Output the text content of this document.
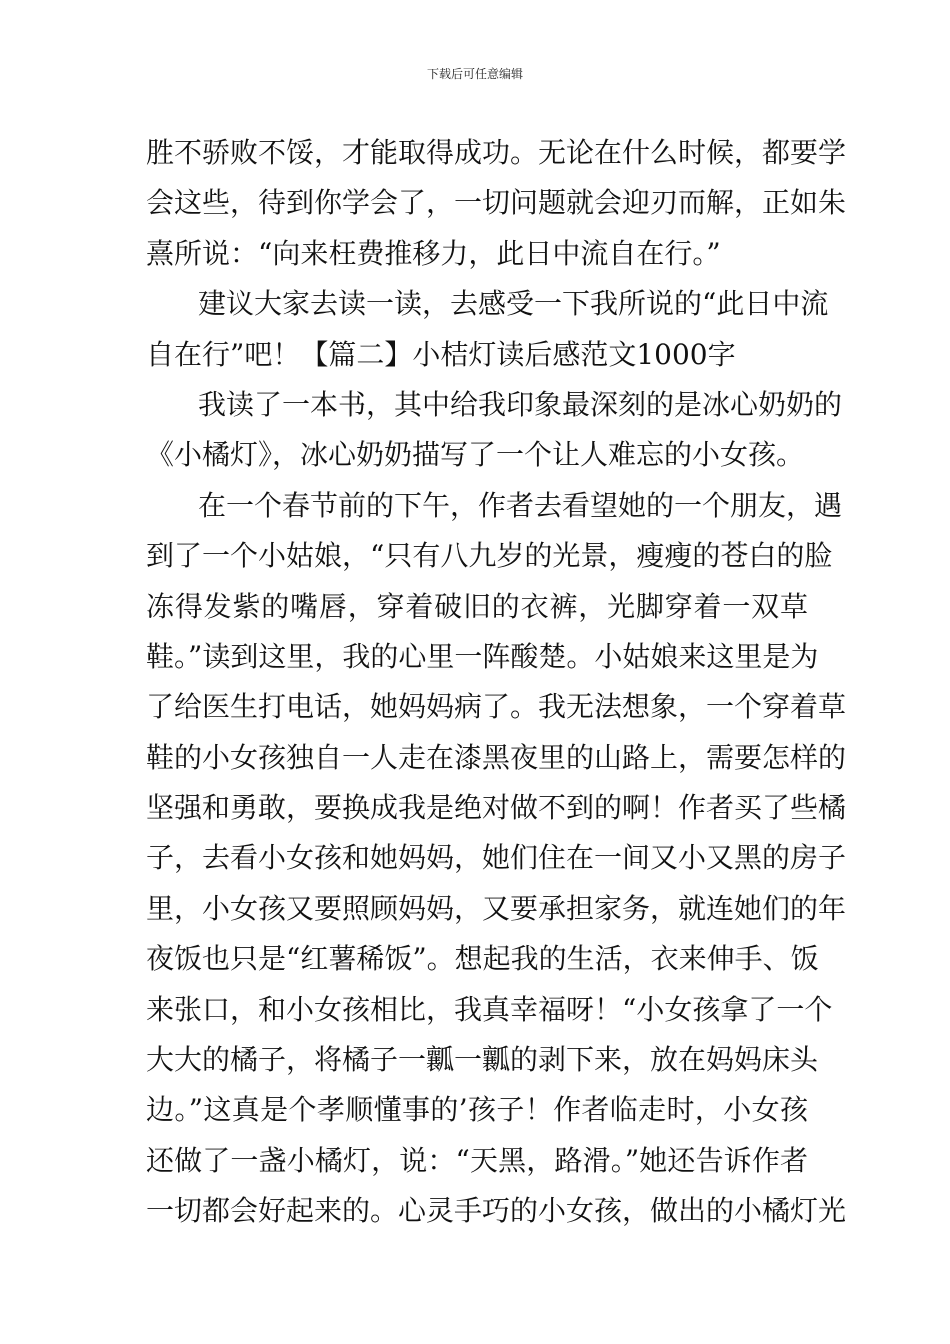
下载后可任意编辑
胜不骄败不馁，才能取得成功。无论在什么时候，都要学
会这些，待到你学会了，一切问题就会迎刃而解，正如朱
熹所说：“向来枉费推移力，此日中流自在行。”
建议大家去读一读，去感受一下我所说的“此日中流
自在行”吧！【篇二】小桔灯读后感范文1000字
我读了一本书，其中给我印象最深刻的是冰心奶奶的
《小橘灯》，冰心奶奶描写了一个让人难忘的小女孩。
在一个春节前的下午，作者去看望她的一个朋友，遇
到了一个小姑娘，“只有八九岁的光景，瘦瘦的苍白的脸
冻得发紫的嘴唇，穿着破旧的衣裤，光脚穿着一双草
鞋。”读到这里，我的心里一阵酸楚。小姑娘来这里是为
了给医生打电话，她妈妈病了。我无法想象，一个穿着草
鞋的小女孩独自一人走在漆黑夜里的山路上，需要怎样的
坚强和勇敢，要换成我是绝对做不到的啊！作者买了些橘
子，去看小女孩和她妈妈，她们住在一间又小又黑的房子
里，小女孩又要照顾妈妈，又要承担家务，就连她们的年
夜饭也只是“红薯稀饭”。想起我的生活，衣来伸手、饭
来张口，和小女孩相比，我真幸福呀！“小女孩拿了一个
大大的橘子，将橘子一瓤一瓤的剥下来，放在妈妈床头
边。”这真是个孝顺懂事的’孩子！作者临走时，小女孩
还做了一盏小橘灯，说：“天黑，路滑。”她还告诉作者
一切都会好起来的。心灵手巧的小女孩，做出的小橘灯光
